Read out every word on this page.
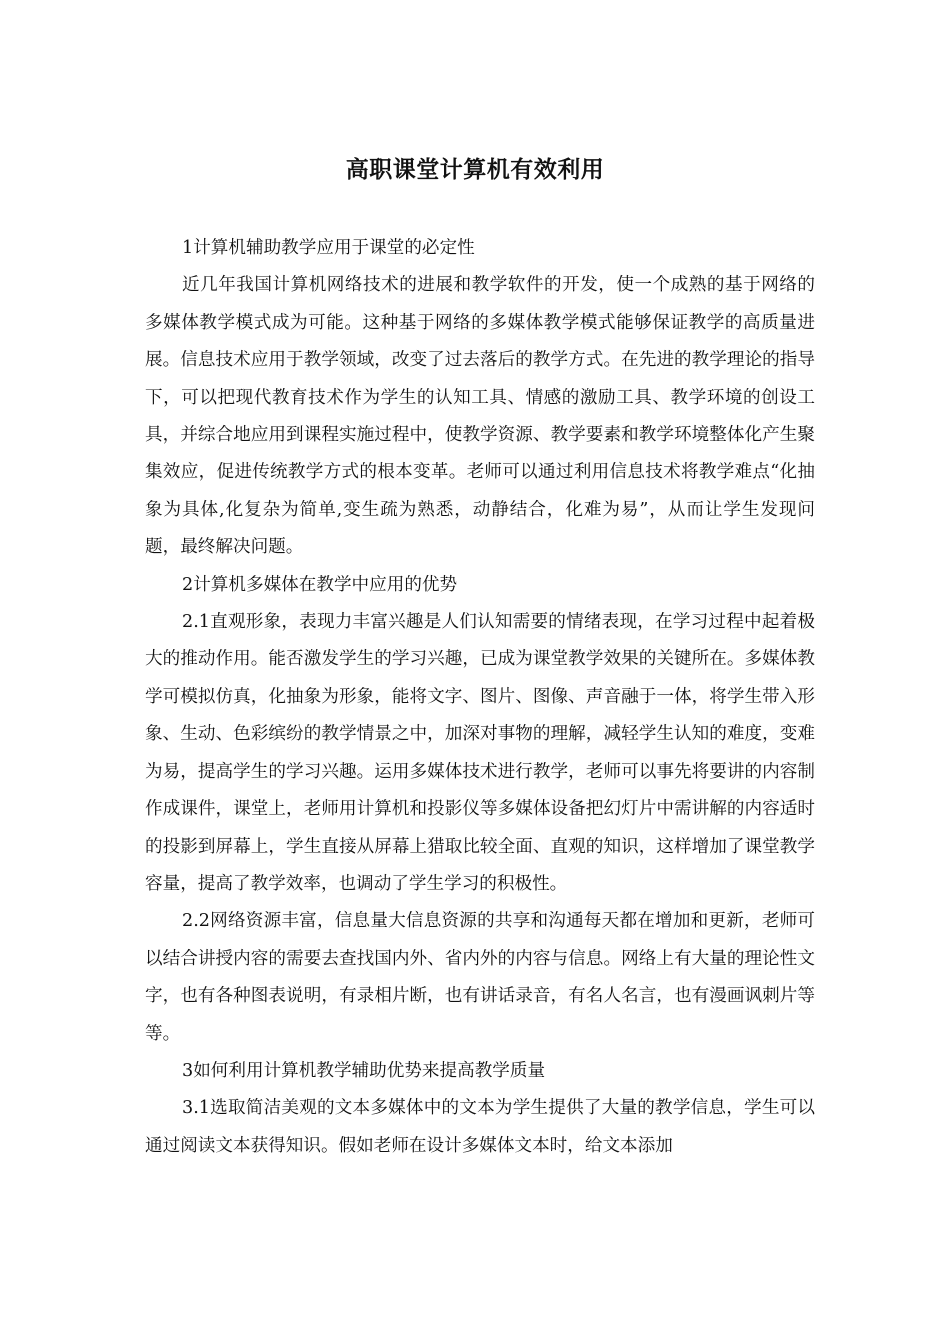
高职课堂计算机有效利用

1计算机辅助教学应用于课堂的必定性

近几年我国计算机网络技术的进展和教学软件的开发，使一个成熟的基于网络的多媒体教学模式成为可能。这种基于网络的多媒体教学模式能够保证教学的高质量进展。信息技术应用于教学领域，改变了过去落后的教学方式。在先进的教学理论的指导下，可以把现代教育技术作为学生的认知工具、情感的激励工具、教学环境的创设工具，并综合地应用到课程实施过程中，使教学资源、教学要素和教学环境整体化产生聚集效应，促进传统教学方式的根本变革。老师可以通过利用信息技术将教学难点“化抽象为具体,化复杂为简单,变生疏为熟悉，动静结合，化难为易”，从而让学生发现问题，最终解决问题。

2计算机多媒体在教学中应用的优势

2.1直观形象，表现力丰富兴趣是人们认知需要的情绪表现，在学习过程中起着极大的推动作用。能否激发学生的学习兴趣，已成为课堂教学效果的关键所在。多媒体教学可模拟仿真，化抽象为形象，能将文字、图片、图像、声音融于一体，将学生带入形象、生动、色彩缤纷的教学情景之中，加深对事物的理解，减轻学生认知的难度，变难为易，提高学生的学习兴趣。运用多媒体技术进行教学，老师可以事先将要讲的内容制作成课件，课堂上，老师用计算机和投影仪等多媒体设备把幻灯片中需讲解的内容适时的投影到屏幕上，学生直接从屏幕上猎取比较全面、直观的知识，这样增加了课堂教学容量，提高了教学效率，也调动了学生学习的积极性。

2.2网络资源丰富，信息量大信息资源的共享和沟通每天都在增加和更新，老师可以结合讲授内容的需要去查找国内外、省内外的内容与信息。网络上有大量的理论性文字，也有各种图表说明，有录相片断，也有讲话录音，有名人名言，也有漫画讽刺片等等。

3如何利用计算机教学辅助优势来提高教学质量

3.1选取简洁美观的文本多媒体中的文本为学生提供了大量的教学信息，学生可以通过阅读文本获得知识。假如老师在设计多媒体文本时，给文本添加
